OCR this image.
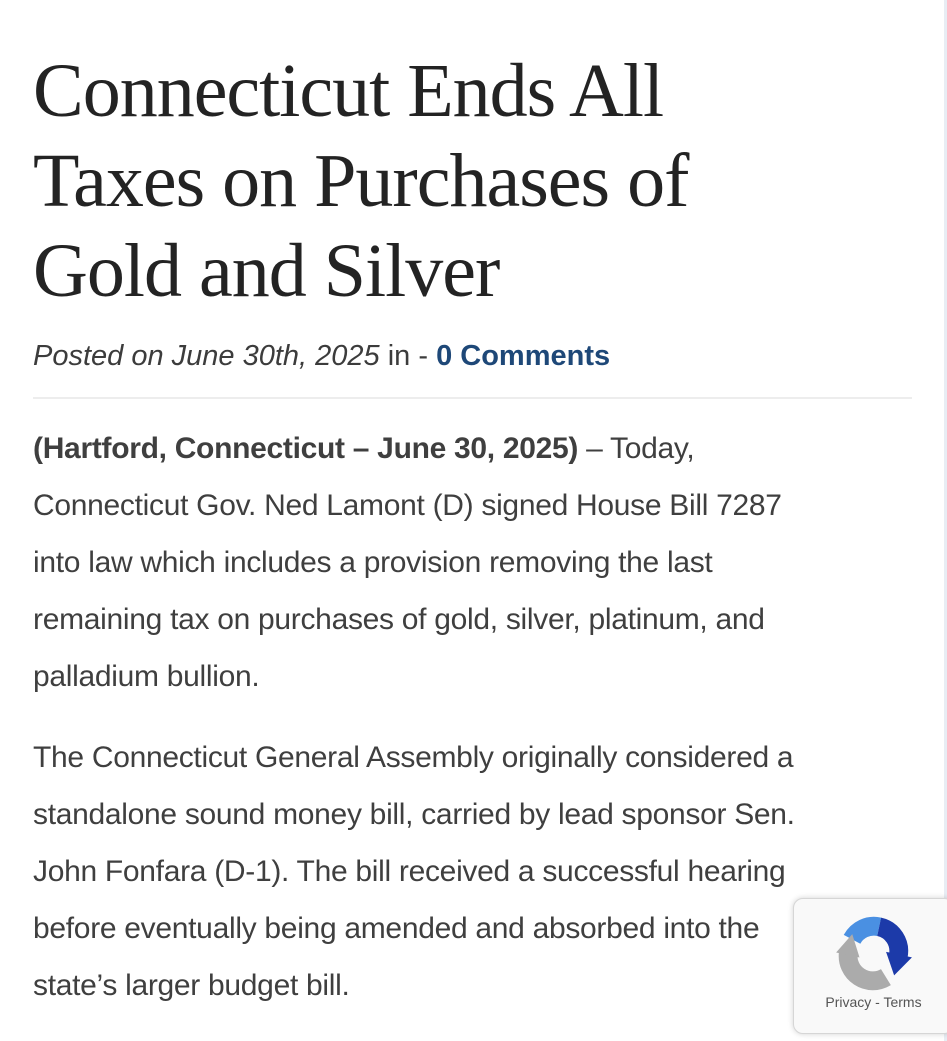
Connecticut Ends All
Taxes on Purchases of
Gold and Silver
Posted on June 30th, 2025 in - 0 Comments
(Hartford, Connecticut – June 30, 2025) – Today,
Connecticut Gov. Ned Lamont (D) signed House Bill 7287
into law which includes a provision removing the last
remaining tax on purchases of gold, silver, platinum, and
palladium bullion.
The Connecticut General Assembly originally considered a
standalone sound money bill, carried by lead sponsor Sen.
John Fonfara (D-1). The bill received a successful hearing
before eventually being amended and absorbed into the
state’s larger budget bill.	Privacy - Terms
